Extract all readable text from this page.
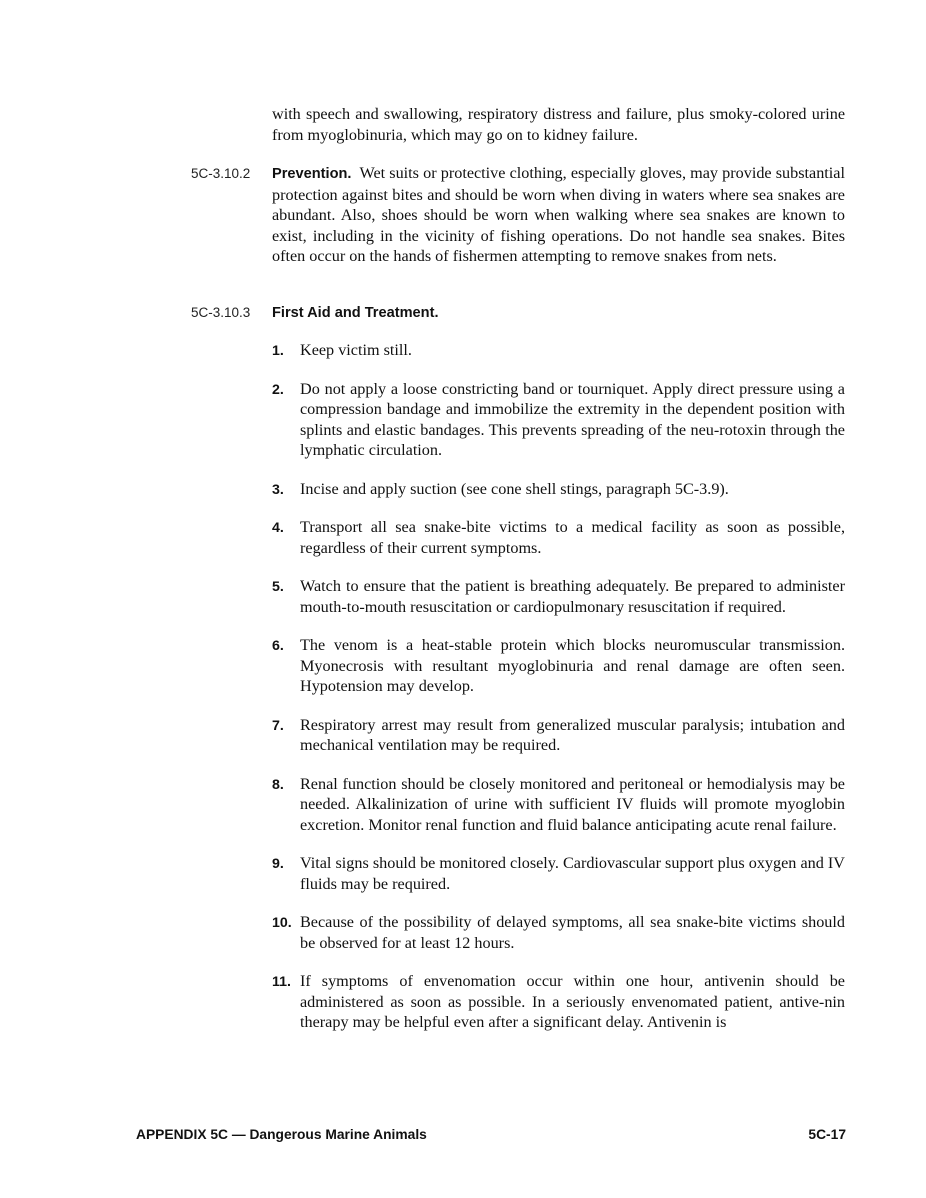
with speech and swallowing, respiratory distress and failure, plus smoky-colored urine from myoglobinuria, which may go on to kidney failure.

5C-3.10.2 Prevention. Wet suits or protective clothing, especially gloves, may provide substantial protection against bites and should be worn when diving in waters where sea snakes are abundant. Also, shoes should be worn when walking where sea snakes are known to exist, including in the vicinity of fishing operations. Do not handle sea snakes. Bites often occur on the hands of fishermen attempting to remove snakes from nets.

5C-3.10.3 First Aid and Treatment.

1. Keep victim still.
2. Do not apply a loose constricting band or tourniquet. Apply direct pressure using a compression bandage and immobilize the extremity in the dependent position with splints and elastic bandages. This prevents spreading of the neu-rotoxin through the lymphatic circulation.
3. Incise and apply suction (see cone shell stings, paragraph 5C-3.9).
4. Transport all sea snake-bite victims to a medical facility as soon as possible, regardless of their current symptoms.
5. Watch to ensure that the patient is breathing adequately. Be prepared to administer mouth-to-mouth resuscitation or cardiopulmonary resuscitation if required.
6. The venom is a heat-stable protein which blocks neuromuscular transmission. Myonecrosis with resultant myoglobinuria and renal damage are often seen. Hypotension may develop.
7. Respiratory arrest may result from generalized muscular paralysis; intubation and mechanical ventilation may be required.
8. Renal function should be closely monitored and peritoneal or hemodialysis may be needed. Alkalinization of urine with sufficient IV fluids will promote myoglobin excretion. Monitor renal function and fluid balance anticipating acute renal failure.
9. Vital signs should be monitored closely. Cardiovascular support plus oxygen and IV fluids may be required.
10. Because of the possibility of delayed symptoms, all sea snake-bite victims should be observed for at least 12 hours.
11. If symptoms of envenomation occur within one hour, antivenin should be administered as soon as possible. In a seriously envenomated patient, antive-nin therapy may be helpful even after a significant delay. Antivenin is
APPENDIX 5C — Dangerous Marine Animals	5C-17
